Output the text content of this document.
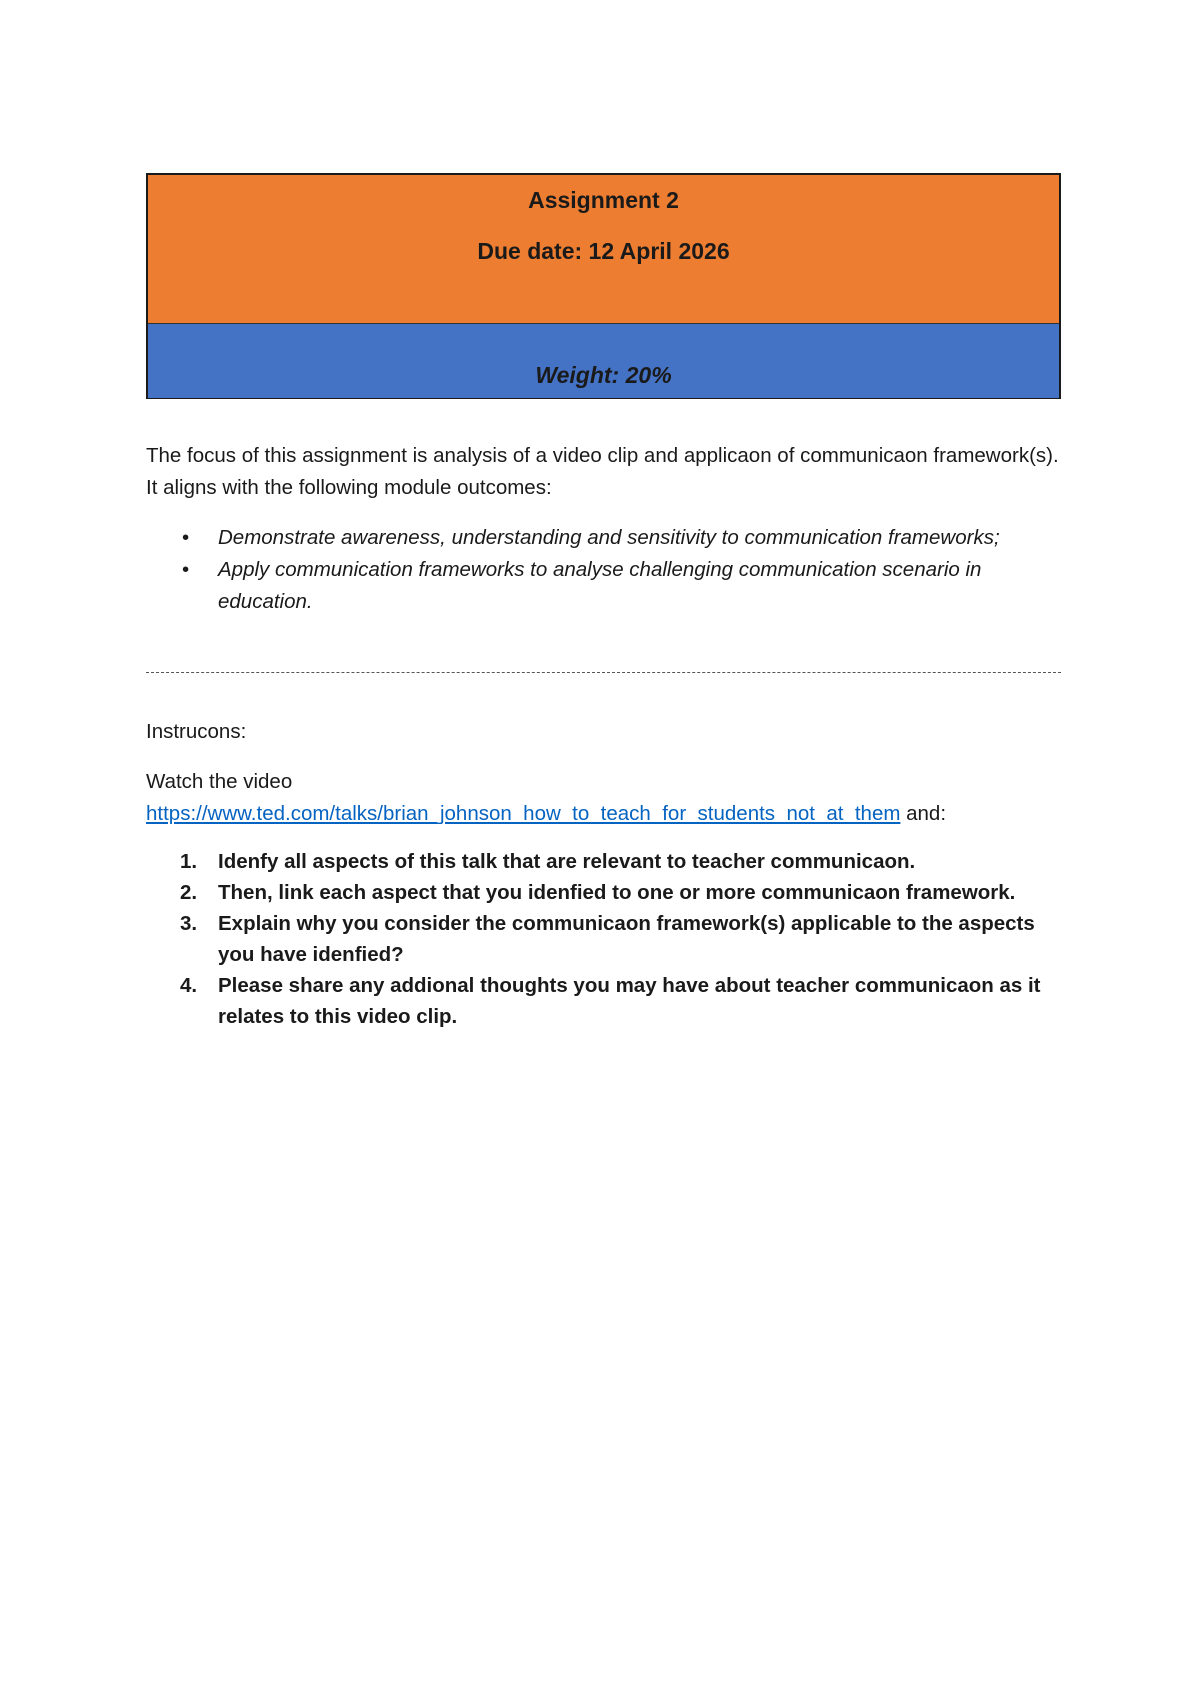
Assignment 2
Due date: 12 April 2026
Weight: 20%
The focus of this assignment is analysis of a video clip and applicaon of communicaon framework(s). It aligns with the following module outcomes:
• Demonstrate awareness, understanding and sensitivity to communication frameworks;
• Apply communication frameworks to analyse challenging communication scenario in education.
Instrucons:
Watch the video
https://www.ted.com/talks/brian_johnson_how_to_teach_for_students_not_at_them and:
1. Idenfy all aspects of this talk that are relevant to teacher communicaon.
2. Then, link each aspect that you idenfied to one or more communicaon framework.
3. Explain why you consider the communicaon framework(s) applicable to the aspects you have idenfied?
4. Please share any addional thoughts you may have about teacher communicaon as it relates to this video clip.
